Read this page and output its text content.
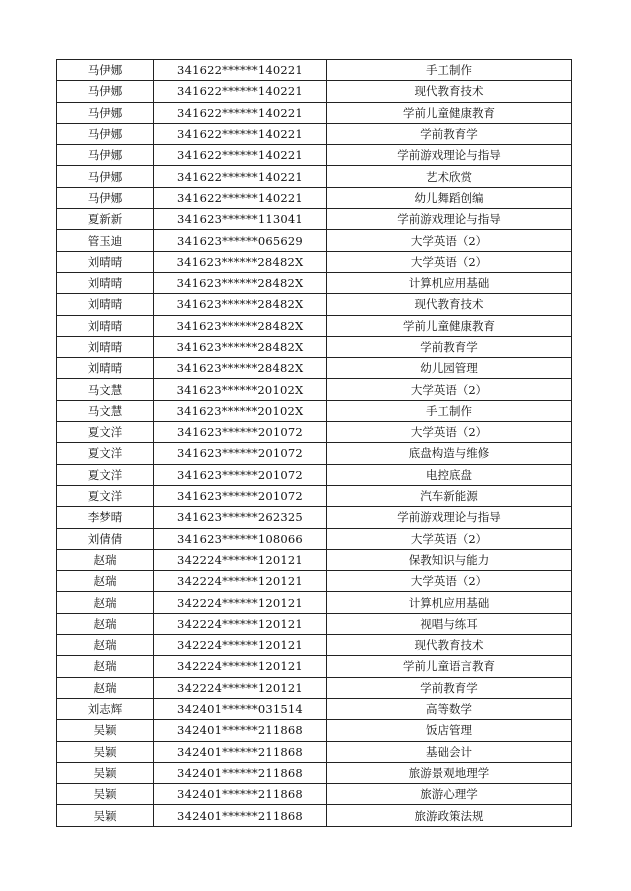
马伊娜	341622******140221	手工制作
马伊娜	341622******140221	现代教育技术
马伊娜	341622******140221	学前儿童健康教育
马伊娜	341622******140221	学前教育学
马伊娜	341622******140221	学前游戏理论与指导
马伊娜	341622******140221	艺术欣赏
马伊娜	341622******140221	幼儿舞蹈创编
夏新新	341623******113041	学前游戏理论与指导
管玉迪	341623******065629	大学英语（2）
刘晴晴	341623******28482X	大学英语（2）
刘晴晴	341623******28482X	计算机应用基础
刘晴晴	341623******28482X	现代教育技术
刘晴晴	341623******28482X	学前儿童健康教育
刘晴晴	341623******28482X	学前教育学
刘晴晴	341623******28482X	幼儿园管理
马文慧	341623******20102X	大学英语（2）
马文慧	341623******20102X	手工制作
夏文洋	341623******201072	大学英语（2）
夏文洋	341623******201072	底盘构造与维修
夏文洋	341623******201072	电控底盘
夏文洋	341623******201072	汽车新能源
李梦晴	341623******262325	学前游戏理论与指导
刘倩倩	341623******108066	大学英语（2）
赵瑞	342224******120121	保教知识与能力
赵瑞	342224******120121	大学英语（2）
赵瑞	342224******120121	计算机应用基础
赵瑞	342224******120121	视唱与练耳
赵瑞	342224******120121	现代教育技术
赵瑞	342224******120121	学前儿童语言教育
赵瑞	342224******120121	学前教育学
刘志辉	342401******031514	高等数学
吴颖	342401******211868	饭店管理
吴颖	342401******211868	基础会计
吴颖	342401******211868	旅游景观地理学
吴颖	342401******211868	旅游心理学
吴颖	342401******211868	旅游政策法规
